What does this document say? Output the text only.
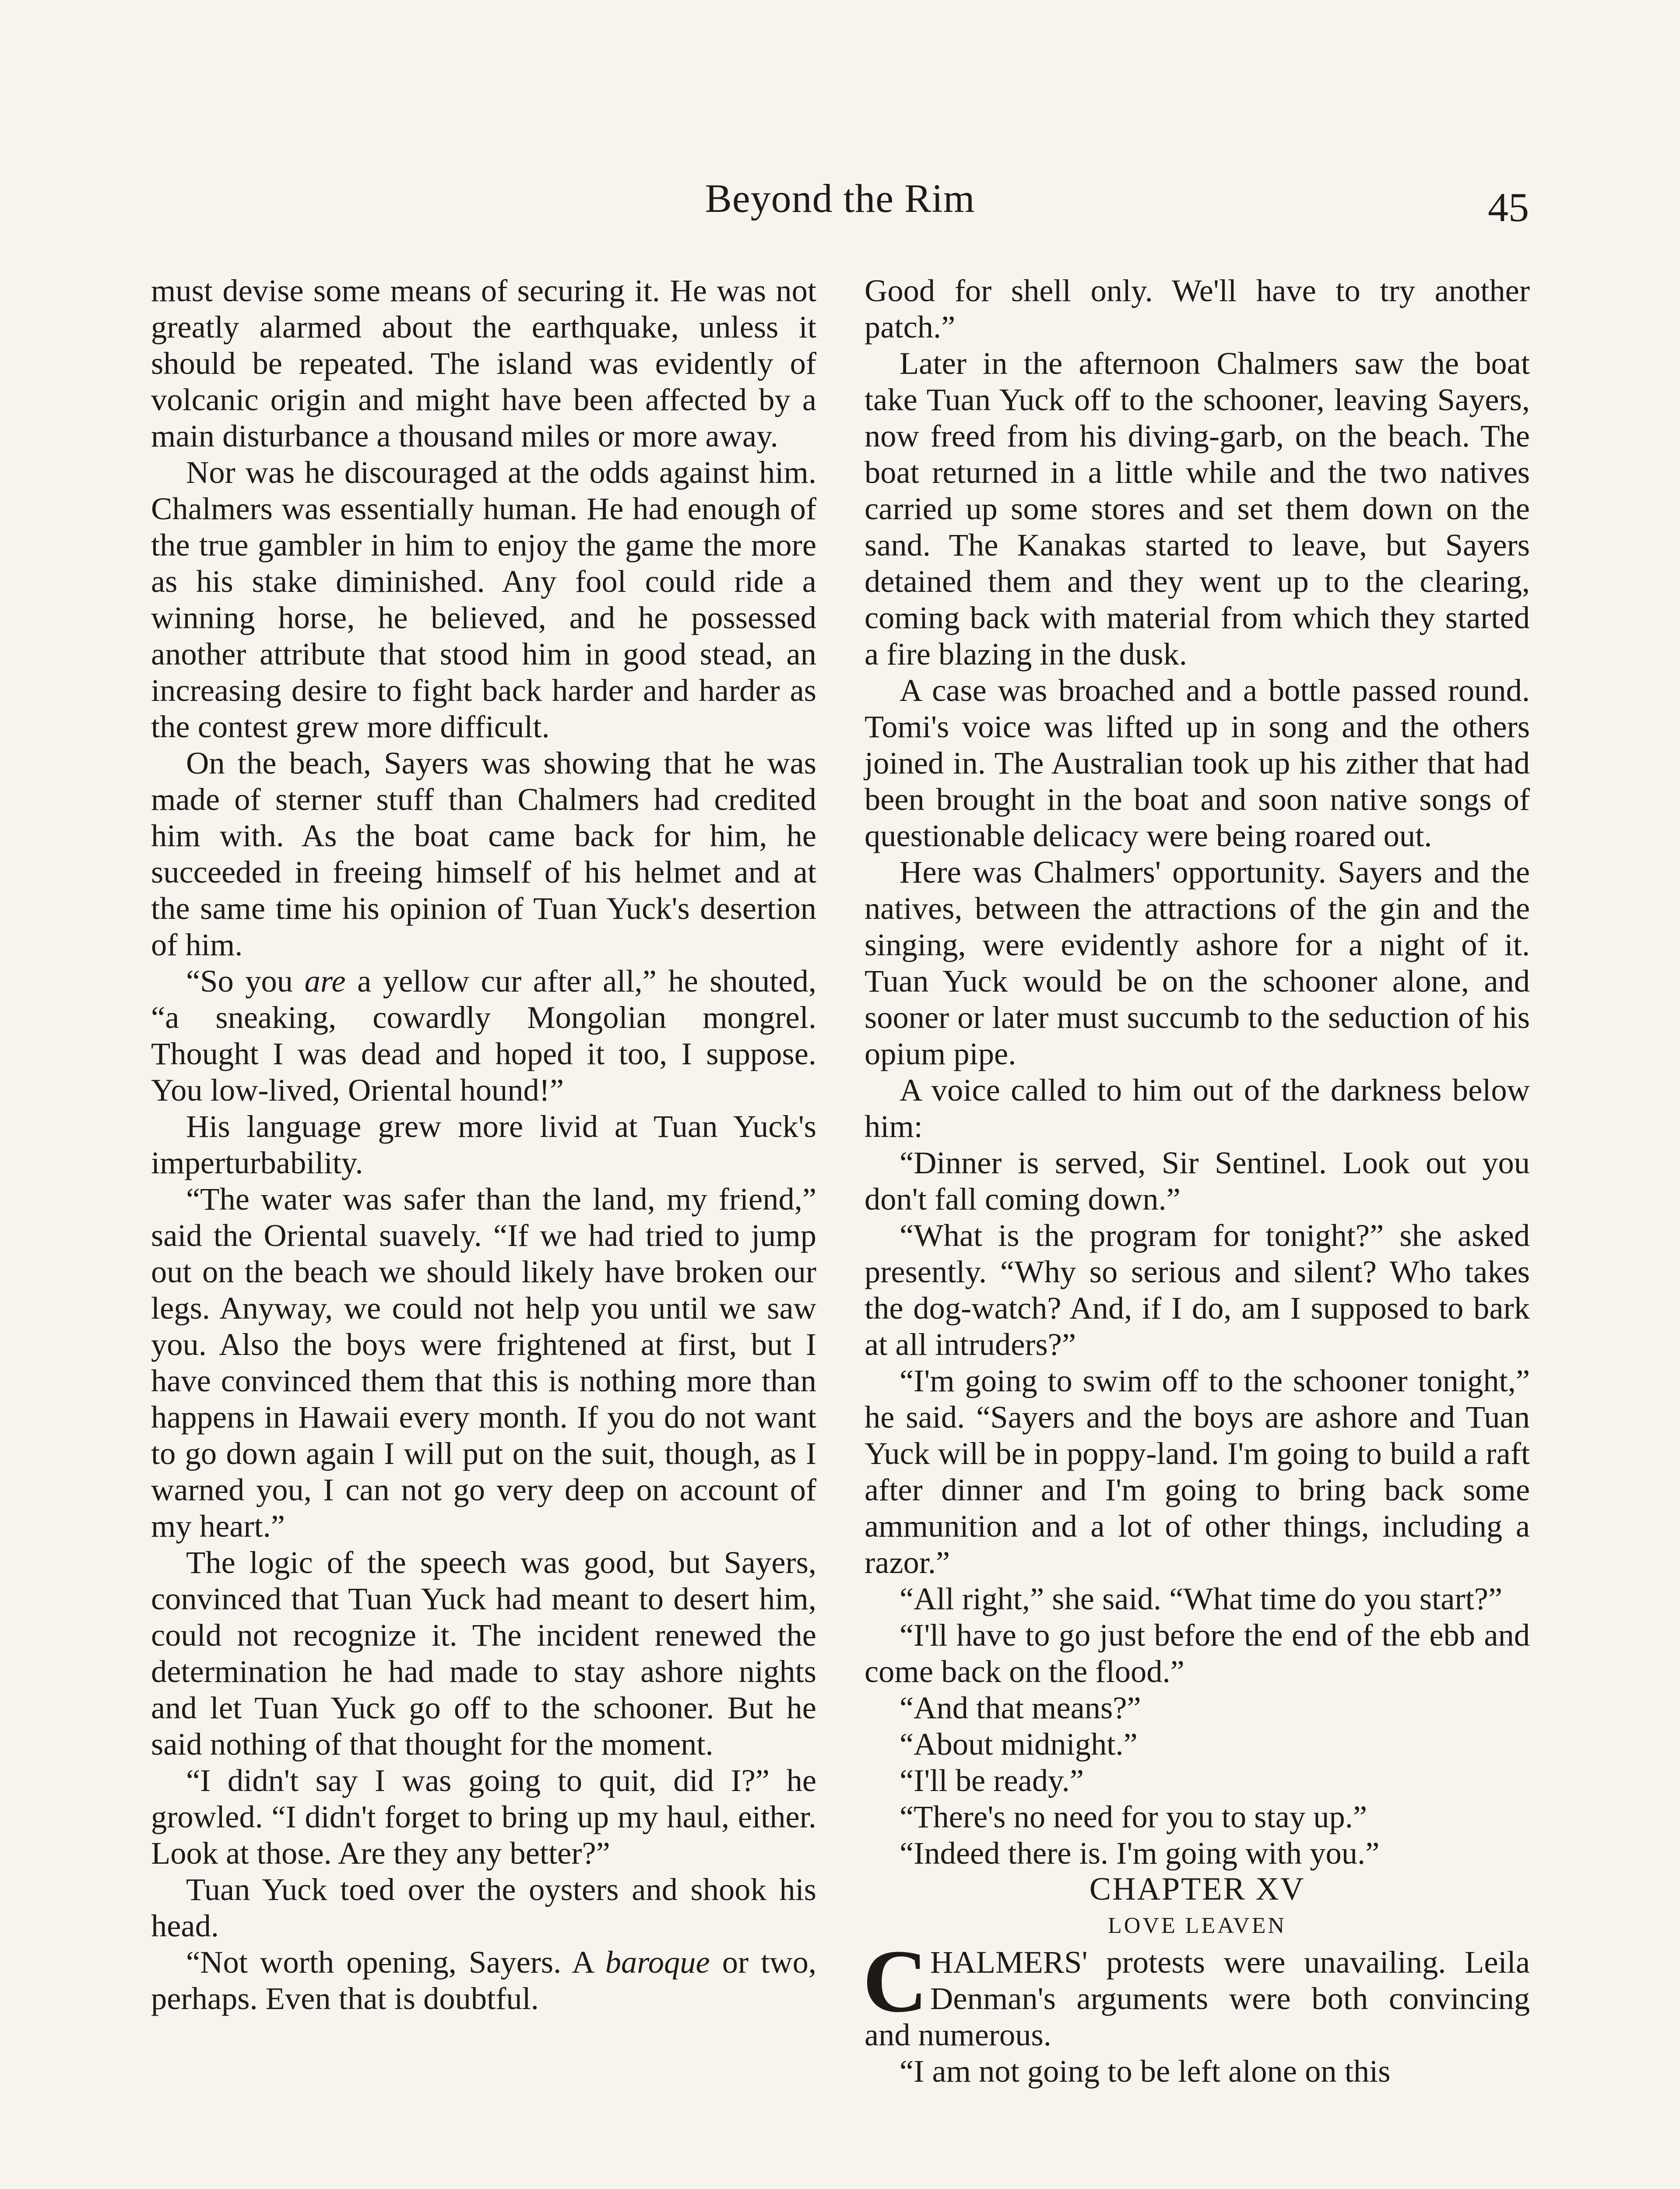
Beyond the Rim	45

must devise some means of securing it. He was not greatly alarmed about the earthquake, unless it should be repeated. The island was evidently of volcanic origin and might have been affected by a main disturbance a thousand miles or more away.

Nor was he discouraged at the odds against him. Chalmers was essentially human. He had enough of the true gambler in him to enjoy the game the more as his stake diminished. Any fool could ride a winning horse, he believed, and he possessed another attribute that stood him in good stead, an increasing desire to fight back harder and harder as the contest grew more difficult.

On the beach, Sayers was showing that he was made of sterner stuff than Chalmers had credited him with. As the boat came back for him, he succeeded in freeing himself of his helmet and at the same time his opinion of Tuan Yuck's desertion of him.

“So you are a yellow cur after all,” he shouted, “a sneaking, cowardly Mongolian mongrel. Thought I was dead and hoped it too, I suppose. You low-lived, Oriental hound!”

His language grew more livid at Tuan Yuck's imperturbability.

“The water was safer than the land, my friend,” said the Oriental suavely. “If we had tried to jump out on the beach we should likely have broken our legs. Anyway, we could not help you until we saw you. Also the boys were frightened at first, but I have convinced them that this is nothing more than happens in Hawaii every month. If you do not want to go down again I will put on the suit, though, as I warned you, I can not go very deep on account of my heart.”

The logic of the speech was good, but Sayers, convinced that Tuan Yuck had meant to desert him, could not recognize it. The incident renewed the determination he had made to stay ashore nights and let Tuan Yuck go off to the schooner. But he said nothing of that thought for the moment.

“I didn't say I was going to quit, did I?” he growled. “I didn't forget to bring up my haul, either. Look at those. Are they any better?”

Tuan Yuck toed over the oysters and shook his head.

“Not worth opening, Sayers. A baroque or two, perhaps. Even that is doubtful.

Good for shell only. We'll have to try another patch.”

Later in the afternoon Chalmers saw the boat take Tuan Yuck off to the schooner, leaving Sayers, now freed from his diving-garb, on the beach. The boat returned in a little while and the two natives carried up some stores and set them down on the sand. The Kanakas started to leave, but Sayers detained them and they went up to the clearing, coming back with material from which they started a fire blazing in the dusk.

A case was broached and a bottle passed round. Tomi's voice was lifted up in song and the others joined in. The Australian took up his zither that had been brought in the boat and soon native songs of questionable delicacy were being roared out.

Here was Chalmers' opportunity. Sayers and the natives, between the attractions of the gin and the singing, were evidently ashore for a night of it. Tuan Yuck would be on the schooner alone, and sooner or later must succumb to the seduction of his opium pipe.

A voice called to him out of the darkness below him:

“Dinner is served, Sir Sentinel. Look out you don't fall coming down.”

“What is the program for tonight?” she asked presently. “Why so serious and silent? Who takes the dog-watch? And, if I do, am I supposed to bark at all intruders?”

“I'm going to swim off to the schooner tonight,” he said. “Sayers and the boys are ashore and Tuan Yuck will be in poppy-land. I'm going to build a raft after dinner and I'm going to bring back some ammunition and a lot of other things, including a razor.”

“All right,” she said. “What time do you start?”

“I'll have to go just before the end of the ebb and come back on the flood.”

“And that means?”

“About midnight.”

“I'll be ready.”

“There's no need for you to stay up.”

“Indeed there is. I'm going with you.”

CHAPTER XV

LOVE LEAVEN

CHALMERS' protests were unavailing. Leila Denman's arguments were both convincing and numerous.

“I am not going to be left alone on this
